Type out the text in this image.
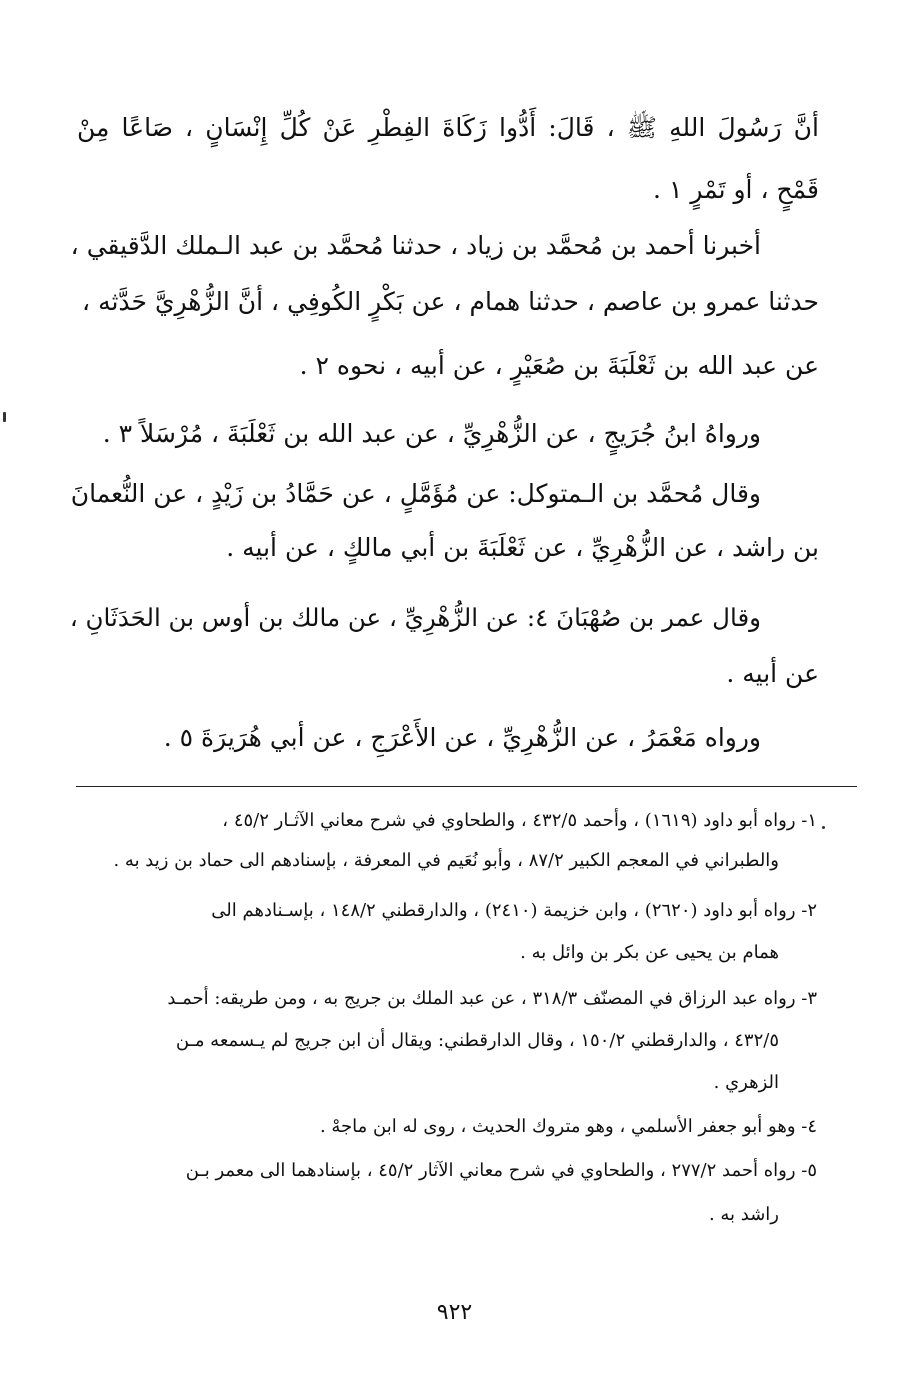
أنَّ رَسُولَ اللهِ ﷺ ، قَالَ: أَدُّوا زَكَاةَ الفِطْرِ عَنْ كُلِّ إِنْسَانٍ ، صَاعًا مِنْ

قَمْحٍ ، أو تَمْرٍ ١ .

أخبرنا أحمد بن مُحمَّد بن زياد ، حدثنا مُحمَّد بن عبد الـملك الدَّقيقي ،

حدثنا عمرو بن عاصم ، حدثنا همام ، عن بَكْرٍ الكُوفِي ، أنَّ الزُّهْرِيَّ حَدَّثه ،

عن عبد الله بن ثَعْلَبَةَ بن صُعَيْرٍ ، عن أبيه ، نحوه ٢ .

ورواهُ ابنُ جُرَيجٍ ، عن الزُّهْرِيِّ ، عن عبد الله بن ثَعْلَبَةَ ، مُرْسَلاً ٣ .

وقال مُحمَّد بن الـمتوكل: عن مُؤَمَّلٍ ، عن حَمَّادُ بن زَيْدٍ ، عن النُّعمانَ

بن راشد ، عن الزُّهْرِيِّ ، عن ثَعْلَبَةَ بن أبي مالكٍ ، عن أبيه .

وقال عمر بن صُهْبَانَ ٤: عن الزُّهْرِيِّ ، عن مالك بن أوس بن الحَدَثَانِ ،

عن أبيه .

ورواه مَعْمَرُ ، عن الزُّهْرِيِّ ، عن الأَعْرَجِ ، عن أبي هُرَيرَةَ ٥ .

١- رواه أبو داود (١٦١٩) ، وأحمد ٤٣٢/٥ ، والطحاوي في شرح معاني الآثـار ٤٥/٢ ،

والطبراني في المعجم الكبير ٨٧/٢ ، وأبو نُعَيم في المعرفة ، بإسنادهم الى حماد بن زيد به .

٢- رواه أبو داود (٢٦٢٠) ، وابن خزيمة (٢٤١٠) ، والدارقطني ١٤٨/٢ ، بإسـنادهم الى

همام بن يحيى عن بكر بن وائل به .

٣- رواه عبد الرزاق في المصنّف ٣١٨/٣ ، عن عبد الملك بن جريج به ، ومن طريقه: أحمـد

٤٣٢/٥ ، والدارقطني ١٥٠/٢ ، وقال الدارقطني: ويقال أن ابن جريج لم يـسمعه مـن

الزهري .

٤- وهو أبو جعفر الأسلمي ، وهو متروك الحديث ، روى له ابن ماجهْ .

٥- رواه أحمد ٢٧٧/٢ ، والطحاوي في شرح معاني الآثار ٤٥/٢ ، بإسنادهما الى معمر بـن

راشد به .

٩٢٢
